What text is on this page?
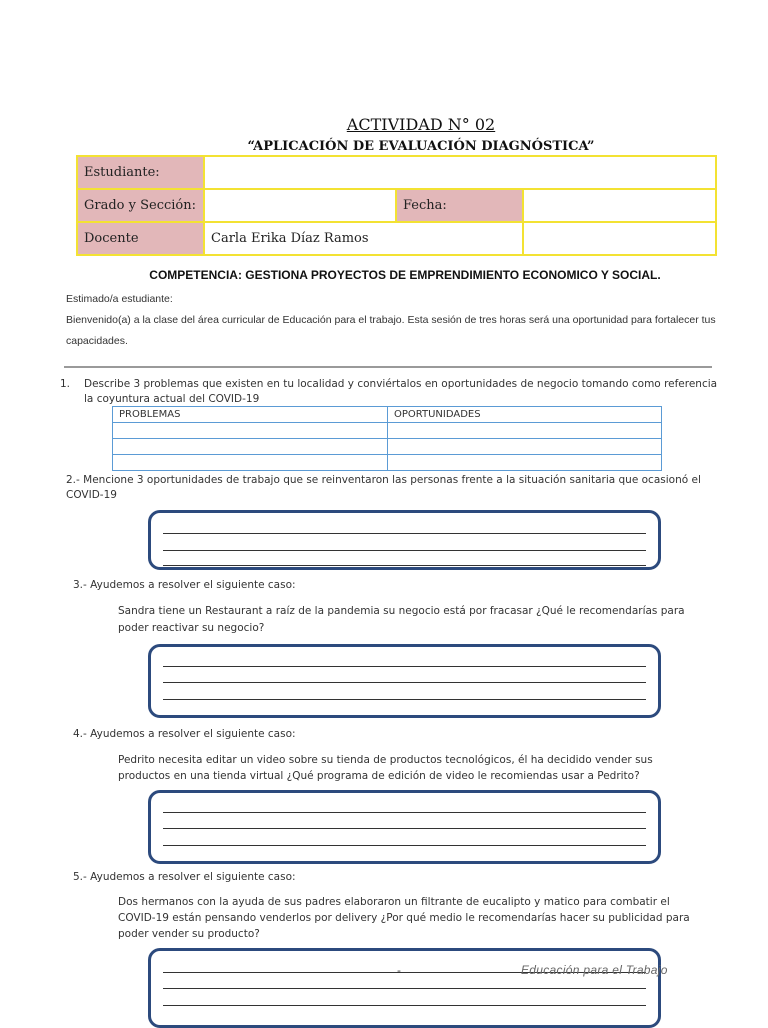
ACTIVIDAD N° 02
“APLICACIÓN DE EVALUACIÓN DIAGNÓSTICA”
Estudiante:			
Grado y Sección:		Fecha:	
Docente	Carla Erika Díaz Ramos		
COMPETENCIA: GESTIONA PROYECTOS DE EMPRENDIMIENTO ECONOMICO Y SOCIAL.
Estimado/a estudiante:
Bienvenido(a) a la clase del área curricular de Educación para el trabajo. Esta sesión de tres horas será una oportunidad para fortalecer tus
capacidades.
1. Describe 3 problemas que existen en tu localidad y conviértalos en oportunidades de negocio tomando como referencia la coyuntura actual del COVID-19
PROBLEMAS	OPORTUNIDADES

2.- Mencione 3 oportunidades de trabajo que se reinventaron las personas frente a la situación sanitaria que ocasionó el COVID-19
3.- Ayudemos a resolver el siguiente caso:
Sandra tiene un Restaurant a raíz de la pandemia su negocio está por fracasar ¿Qué le recomendarías para poder reactivar su negocio?
4.- Ayudemos a resolver el siguiente caso:
Pedrito necesita editar un video sobre su tienda de productos tecnológicos, él ha decidido vender sus productos en una tienda virtual ¿Qué programa de edición de video le recomiendas usar a Pedrito?
5.- Ayudemos a resolver el siguiente caso:
Dos hermanos con la ayuda de sus padres elaboraron un filtrante de eucalipto y matico para combatir el COVID-19 están pensando venderlos por delivery ¿Por qué medio le recomendarías hacer su publicidad para poder vender su producto?
-	Educación para el Trabajo
